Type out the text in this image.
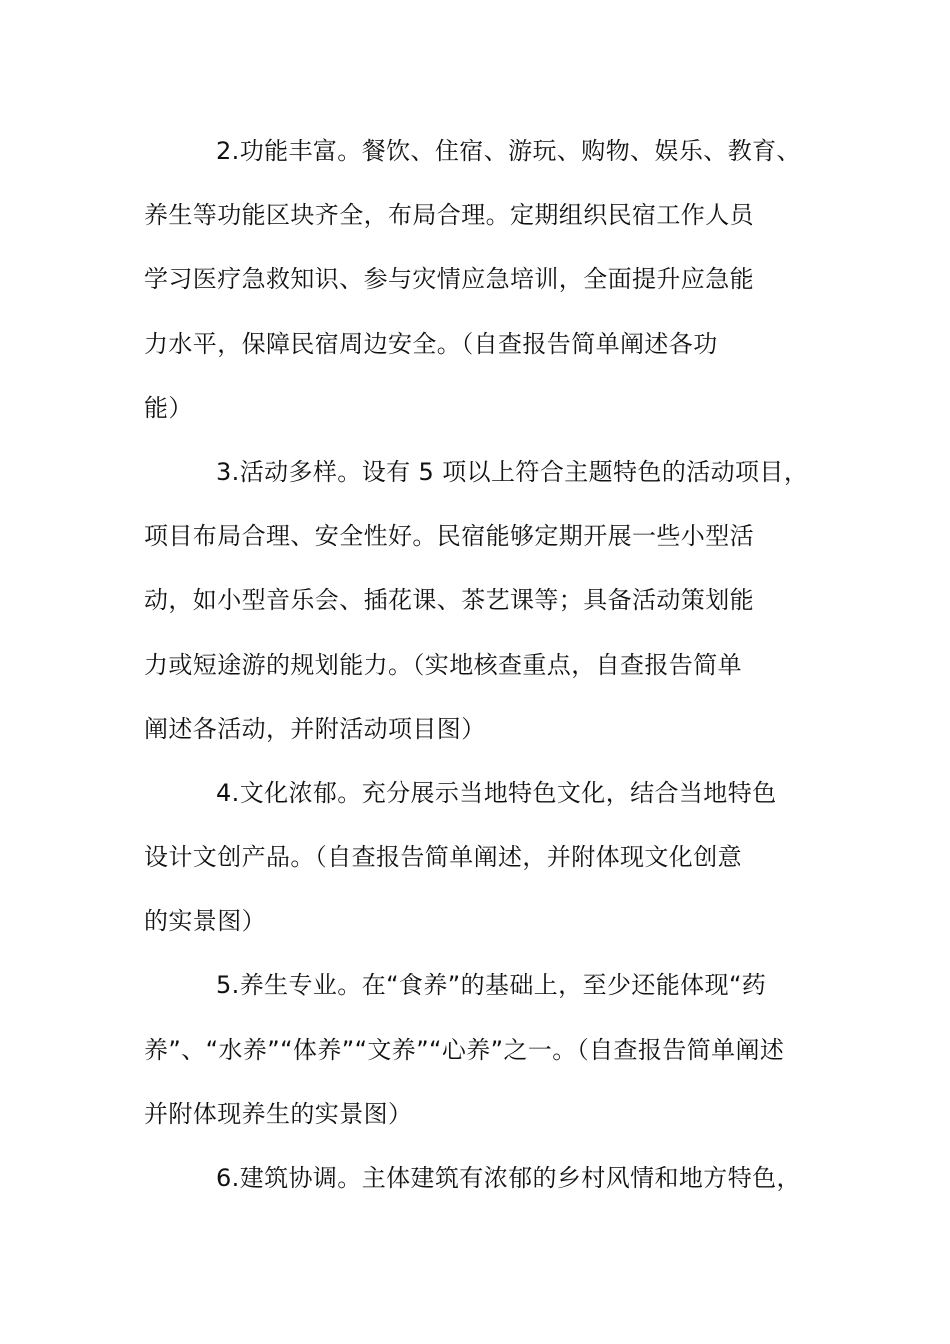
2.功能丰富。餐饮、住宿、游玩、购物、娱乐、教育、
养生等功能区块齐全，布局合理。定期组织民宿工作人员
学习医疗急救知识、参与灾情应急培训，全面提升应急能
力水平，保障民宿周边安全。（自查报告简单阐述各功
能）
3.活动多样。设有 5 项以上符合主题特色的活动项目，
项目布局合理、安全性好。民宿能够定期开展一些小型活
动，如小型音乐会、插花课、茶艺课等；具备活动策划能
力或短途游的规划能力。（实地核查重点，自查报告简单
阐述各活动，并附活动项目图）
4.文化浓郁。充分展示当地特色文化，结合当地特色
设计文创产品。（自查报告简单阐述，并附体现文化创意
的实景图）
5.养生专业。在“食养”的基础上，至少还能体现“药
养”、“水养”“体养”“文养”“心养”之一。（自查报告简单阐述
并附体现养生的实景图）
6.建筑协调。主体建筑有浓郁的乡村风情和地方特色，
